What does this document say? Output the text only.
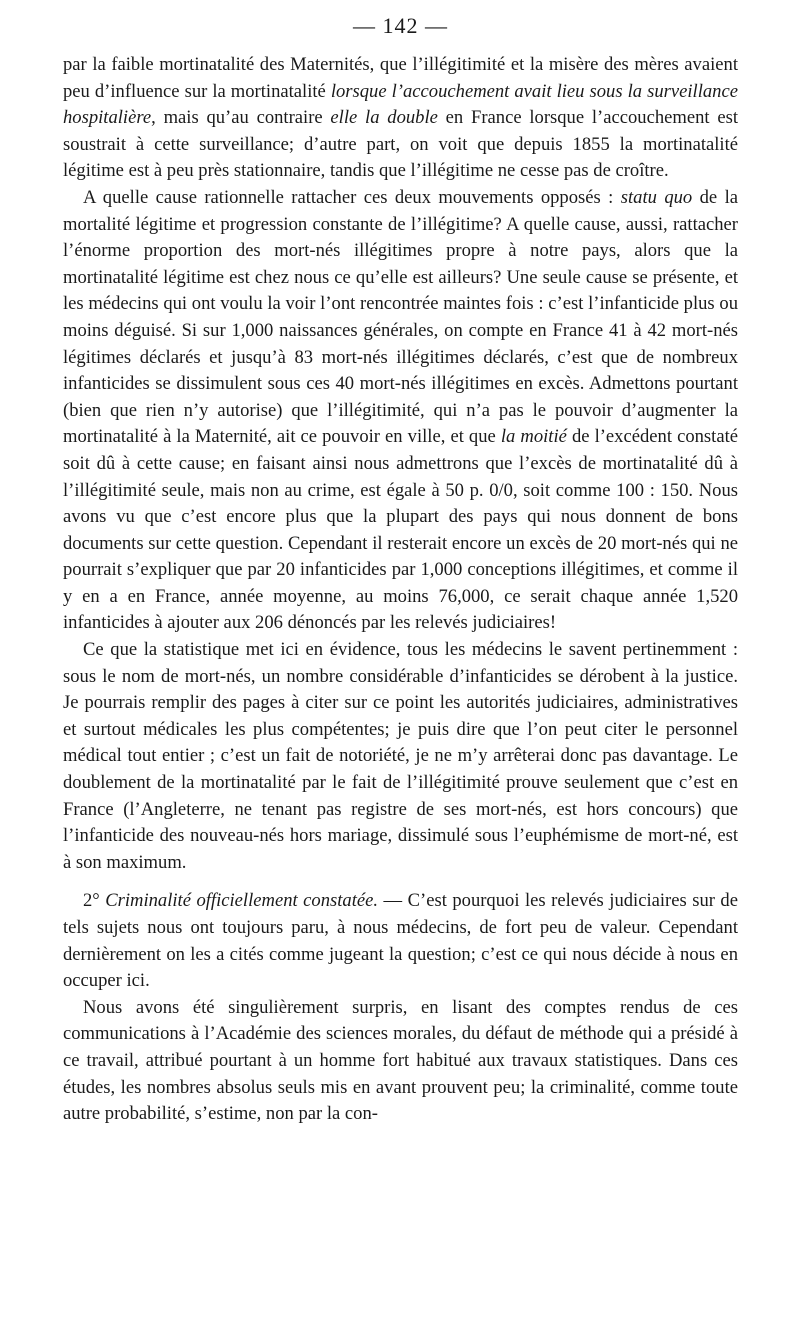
— 142 —

par la faible mortinatalité des Maternités, que l’illégitimité et la misère des mères avaient peu d’influence sur la mortinatalité lorsque l’accouchement avait lieu sous la surveillance hospitalière, mais qu’au contraire elle la double en France lorsque l’accouchement est soustrait à cette surveillance; d’autre part, on voit que depuis 1855 la mortinatalité légitime est à peu près stationnaire, tandis que l’illégitime ne cesse pas de croître.

A quelle cause rationnelle rattacher ces deux mouvements opposés : statu quo de la mortalité légitime et progression constante de l’illégitime? A quelle cause, aussi, rattacher l’énorme proportion des mort-nés illégitimes propre à notre pays, alors que la mortinatalité légitime est chez nous ce qu’elle est ailleurs? Une seule cause se présente, et les médecins qui ont voulu la voir l’ont rencontrée maintes fois : c’est l’infanticide plus ou moins déguisé. Si sur 1,000 naissances générales, on compte en France 41 à 42 mort-nés légitimes déclarés et jusqu’à 83 mort-nés illégitimes déclarés, c’est que de nombreux infanticides se dissimulent sous ces 40 mort-nés illégitimes en excès. Admettons pourtant (bien que rien n’y autorise) que l’illégitimité, qui n’a pas le pouvoir d’augmenter la mortinatalité à la Maternité, ait ce pouvoir en ville, et que la moitié de l’excédent constaté soit dû à cette cause; en faisant ainsi nous admettrons que l’excès de mortinatalité dû à l’illégitimité seule, mais non au crime, est égale à 50 p. 0/0, soit comme 100 : 150. Nous avons vu que c’est encore plus que la plupart des pays qui nous donnent de bons documents sur cette question. Cependant il resterait encore un excès de 20 mort-nés qui ne pourrait s’expliquer que par 20 infanticides par 1,000 conceptions illégitimes, et comme il y en a en France, année moyenne, au moins 76,000, ce serait chaque année 1,520 infanticides à ajouter aux 206 dénoncés par les relevés judiciaires!

Ce que la statistique met ici en évidence, tous les médecins le savent pertinemment : sous le nom de mort-nés, un nombre considérable d’infanticides se dérobent à la justice. Je pourrais remplir des pages à citer sur ce point les autorités judiciaires, administratives et surtout médicales les plus compétentes; je puis dire que l’on peut citer le personnel médical tout entier ; c’est un fait de notoriété, je ne m’y arrêterai donc pas davantage. Le doublement de la mortinatalité par le fait de l’illégitimité prouve seulement que c’est en France (l’Angleterre, ne tenant pas registre de ses mort-nés, est hors concours) que l’infanticide des nouveau-nés hors mariage, dissimulé sous l’euphémisme de mort-né, est à son maximum.

2° Criminalité officiellement constatée. — C’est pourquoi les relevés judiciaires sur de tels sujets nous ont toujours paru, à nous médecins, de fort peu de valeur. Cependant dernièrement on les a cités comme jugeant la question; c’est ce qui nous décide à nous en occuper ici.

Nous avons été singulièrement surpris, en lisant des comptes rendus de ces communications à l’Académie des sciences morales, du défaut de méthode qui a présidé à ce travail, attribué pourtant à un homme fort habitué aux travaux statistiques. Dans ces études, les nombres absolus seuls mis en avant prouvent peu; la criminalité, comme toute autre probabilité, s’estime, non par la con-
